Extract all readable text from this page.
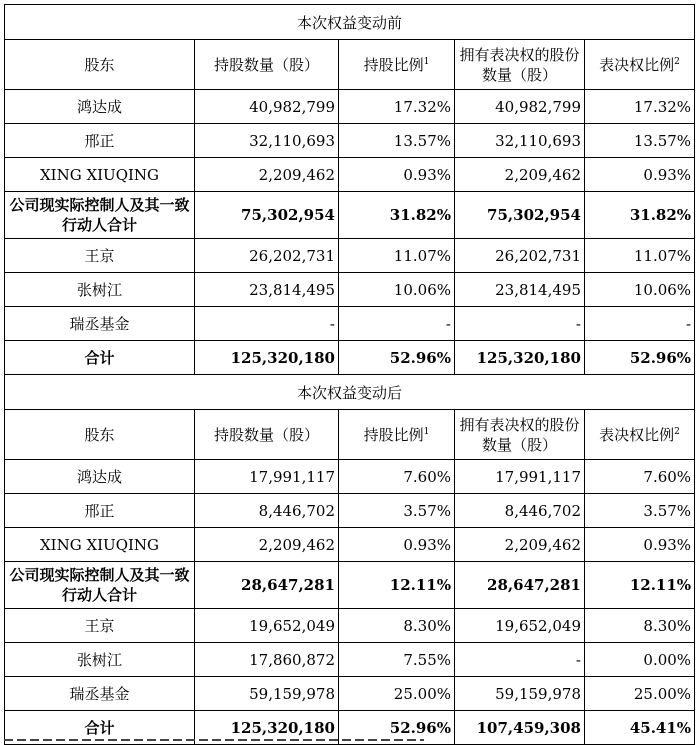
本次权益变动前				
股东	持股数量（股）	持股比例$^1$	拥有表决权的股份数量（股）	表决权比例$^2$
鸿达成	40,982,799	17.32%	40,982,799	17.32%
邢正	32,110,693	13.57%	32,110,693	13.57%
XING XIUQING	2,209,462	0.93%	2,209,462	0.93%
公司现实际控制人及其一致行动人合计	75,302,954	31.82%	75,302,954	31.82%
王京	26,202,731	11.07%	26,202,731	11.07%
张树江	23,814,495	10.06%	23,814,495	10.06%
瑞丞基金	-	-	-	-
合计	125,320,180	52.96%	125,320,180	52.96%
本次权益变动后				
股东	持股数量（股）	持股比例$^1$	拥有表决权的股份数量（股）	表决权比例$^2$
鸿达成	17,991,117	7.60%	17,991,117	7.60%
邢正	8,446,702	3.57%	8,446,702	3.57%
XING XIUQING	2,209,462	0.93%	2,209,462	0.93%
公司现实际控制人及其一致行动人合计	28,647,281	12.11%	28,647,281	12.11%
王京	19,652,049	8.30%	19,652,049	8.30%
张树江	17,860,872	7.55%	-	0.00%
瑞丞基金	59,159,978	25.00%	59,159,978	25.00%
合计	125,320,180	52.96%	107,459,308	45.41%
